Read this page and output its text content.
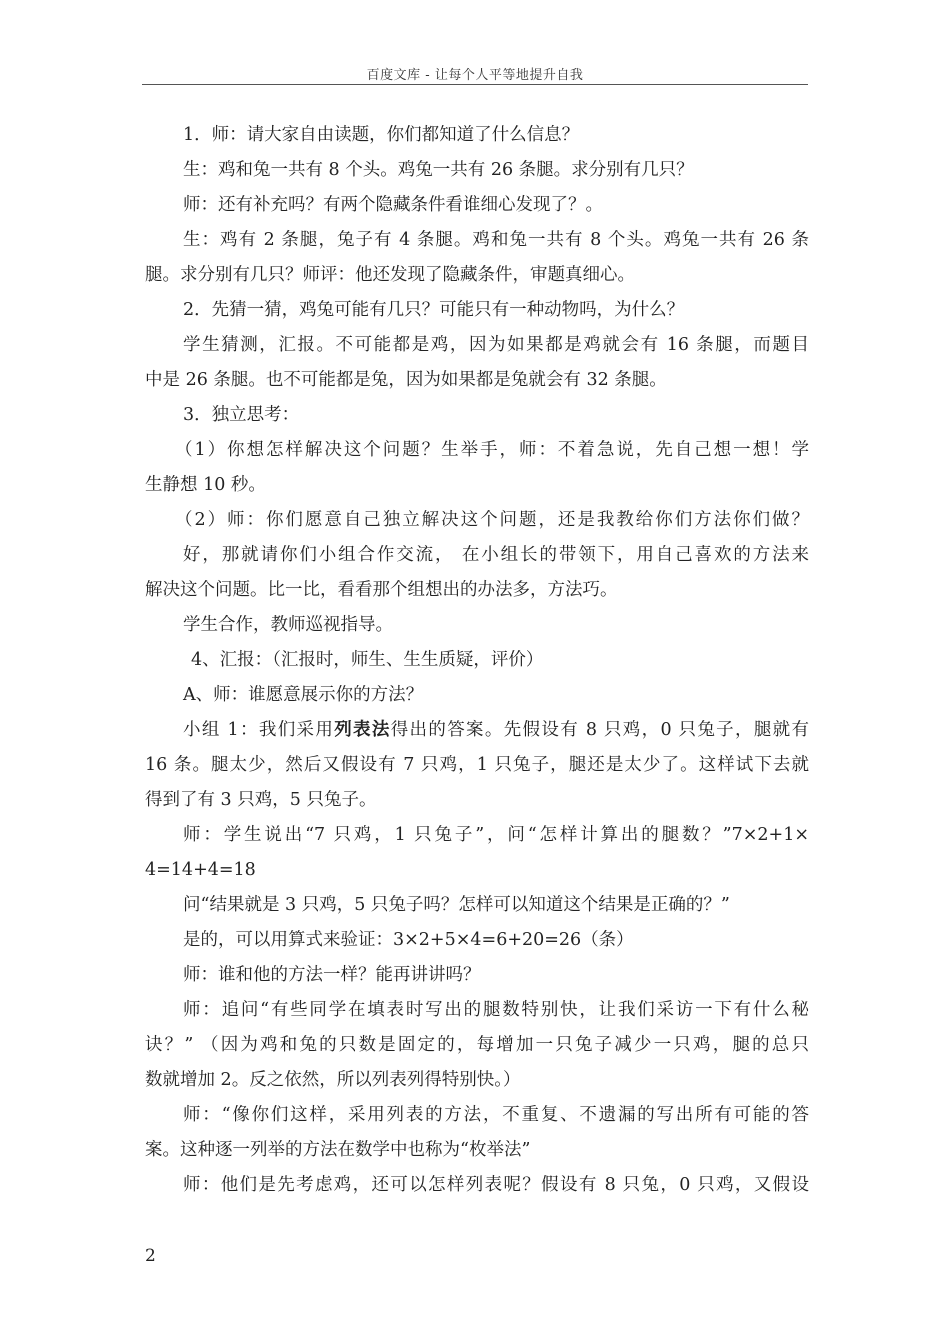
百度文库 - 让每个人平等地提升自我
1．师：请大家自由读题，你们都知道了什么信息？
生：鸡和兔一共有 8 个头。鸡兔一共有 26 条腿。求分别有几只？
师：还有补充吗？有两个隐藏条件看谁细心发现了？。
生：鸡有 2 条腿，兔子有 4 条腿。鸡和兔一共有 8 个头。鸡兔一共有 26 条
腿。求分别有几只？师评：他还发现了隐藏条件，审题真细心。
2．先猜一猜，鸡兔可能有几只？可能只有一种动物吗，为什么？
学生猜测，汇报。不可能都是鸡，因为如果都是鸡就会有 16 条腿，而题目
中是 26 条腿。也不可能都是兔，因为如果都是兔就会有 32 条腿。
3．独立思考：
（1）你想怎样解决这个问题？生举手，师：不着急说，先自己想一想！学
生静想 10 秒。
（2）师：你们愿意自己独立解决这个问题，还是我教给你们方法你们做？
好，那就请你们小组合作交流， 在小组长的带领下，用自己喜欢的方法来
解决这个问题。比一比，看看那个组想出的办法多，方法巧。
学生合作，教师巡视指导。
4、汇报：（汇报时，师生、生生质疑，评价）
A、师：谁愿意展示你的方法？
小组 1：我们采用列表法得出的答案。先假设有 8 只鸡，0 只兔子，腿就有
16 条。腿太少，然后又假设有 7 只鸡，1 只兔子，腿还是太少了。这样试下去就
得到了有 3 只鸡，5 只兔子。
师：学生说出“7 只鸡，1 只兔子”，问“怎样计算出的腿数？”7×2+1×
4=14+4=18
问“结果就是 3 只鸡，5 只兔子吗？怎样可以知道这个结果是正确的？”
是的，可以用算式来验证：3×2+5×4=6+20=26（条）
师：谁和他的方法一样？能再讲讲吗？
师：追问“有些同学在填表时写出的腿数特别快，让我们采访一下有什么秘
诀？” （因为鸡和兔的只数是固定的，每增加一只兔子减少一只鸡，腿的总只
数就增加 2。反之依然，所以列表列得特别快。）
师：“像你们这样，采用列表的方法，不重复、不遗漏的写出所有可能的答
案。这种逐一列举的方法在数学中也称为“枚举法”
师：他们是先考虑鸡，还可以怎样列表呢？假设有 8 只兔，0 只鸡，又假设
2
